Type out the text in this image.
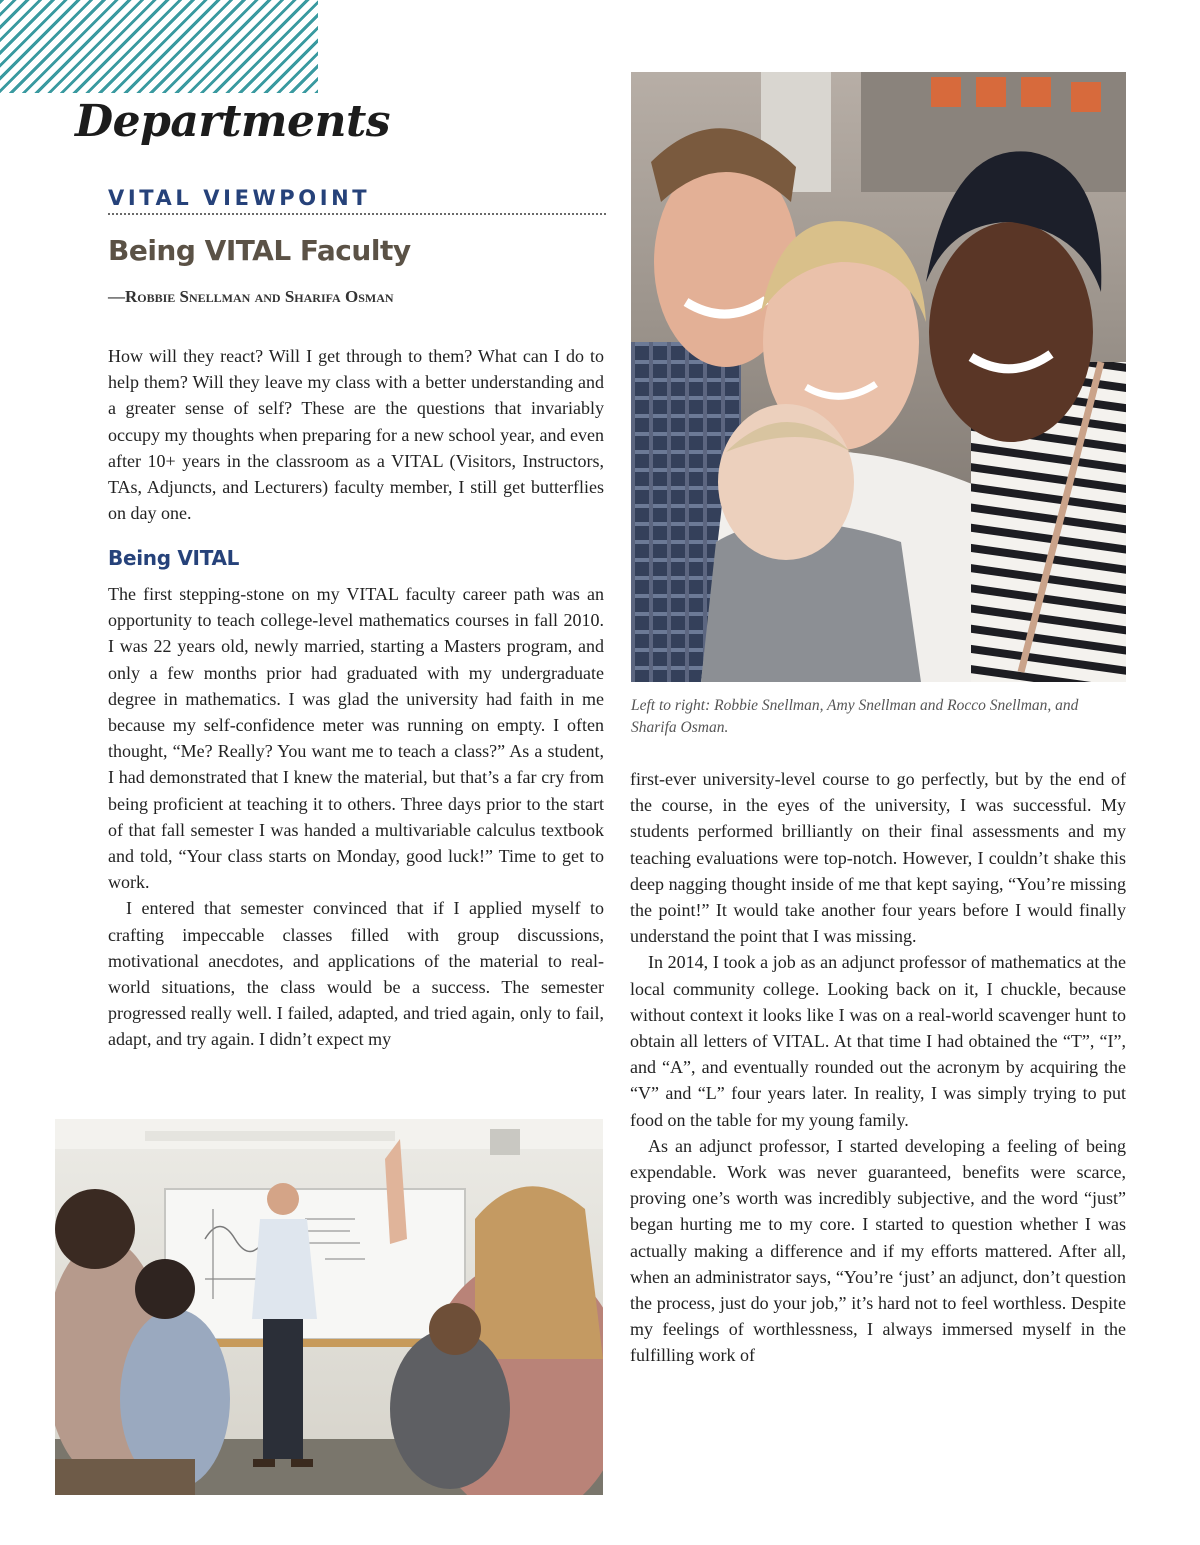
Departments
VITAL VIEWPOINT
Being VITAL Faculty
—Robbie Snellman and Sharifa Osman

How will they react? Will I get through to them? What can I do to help them? Will they leave my class with a better understanding and a greater sense of self? These are the questions that invariably occupy my thoughts when preparing for a new school year, and even after 10+ years in the classroom as a VITAL (Visitors, Instructors, TAs, Adjuncts, and Lecturers) faculty member, I still get butterflies on day one.

Being VITAL

The first stepping-stone on my VITAL faculty career path was an opportunity to teach college-level mathematics courses in fall 2010. I was 22 years old, newly married, starting a Masters program, and only a few months prior had graduated with my undergraduate degree in mathematics. I was glad the university had faith in me because my self-confidence meter was running on empty. I often thought, “Me? Really? You want me to teach a class?” As a student, I had demonstrated that I knew the material, but that’s a far cry from being proficient at teaching it to others. Three days prior to the start of that fall semester I was handed a multivariable calculus textbook and told, “Your class starts on Monday, good luck!” Time to get to work.

I entered that semester convinced that if I applied myself to crafting impeccable classes filled with group discussions, motivational anecdotes, and applications of the material to real-world situations, the class would be a success. The semester progressed really well. I failed, adapted, and tried again, only to fail, adapt, and try again. I didn’t expect my

Left to right: Robbie Snellman, Amy Snellman and Rocco Snellman, and Sharifa Osman.

first-ever university-level course to go perfectly, but by the end of the course, in the eyes of the university, I was successful. My students performed brilliantly on their final assessments and my teaching evaluations were top-notch. However, I couldn’t shake this deep nagging thought inside of me that kept saying, “You’re missing the point!” It would take another four years before I would finally understand the point that I was missing.

In 2014, I took a job as an adjunct professor of mathematics at the local community college. Looking back on it, I chuckle, because without context it looks like I was on a real-world scavenger hunt to obtain all letters of VITAL. At that time I had obtained the “T”, “I”, and “A”, and eventually rounded out the acronym by acquiring the “V” and “L” four years later. In reality, I was simply trying to put food on the table for my young family.

As an adjunct professor, I started developing a feeling of being expendable. Work was never guaranteed, benefits were scarce, proving one’s worth was incredibly subjective, and the word “just” began hurting me to my core. I started to question whether I was actually making a difference and if my efforts mattered. After all, when an administrator says, “You’re ‘just’ an adjunct, don’t question the process, just do your job,” it’s hard not to feel worthless. Despite my feelings of worthlessness, I always immersed myself in the fulfilling work of
